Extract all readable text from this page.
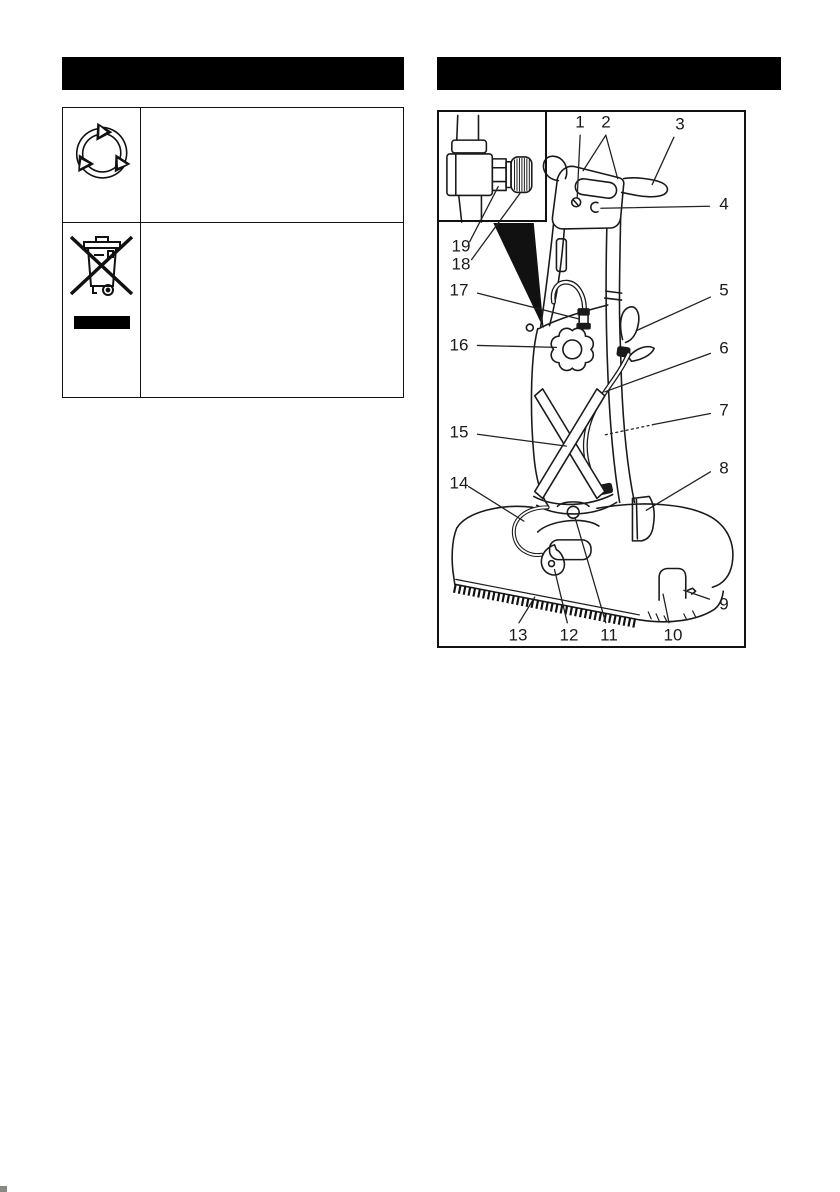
1 2	3
4
5
6
7
8
9
10
11
12
13
14
15
16
17
18
19
